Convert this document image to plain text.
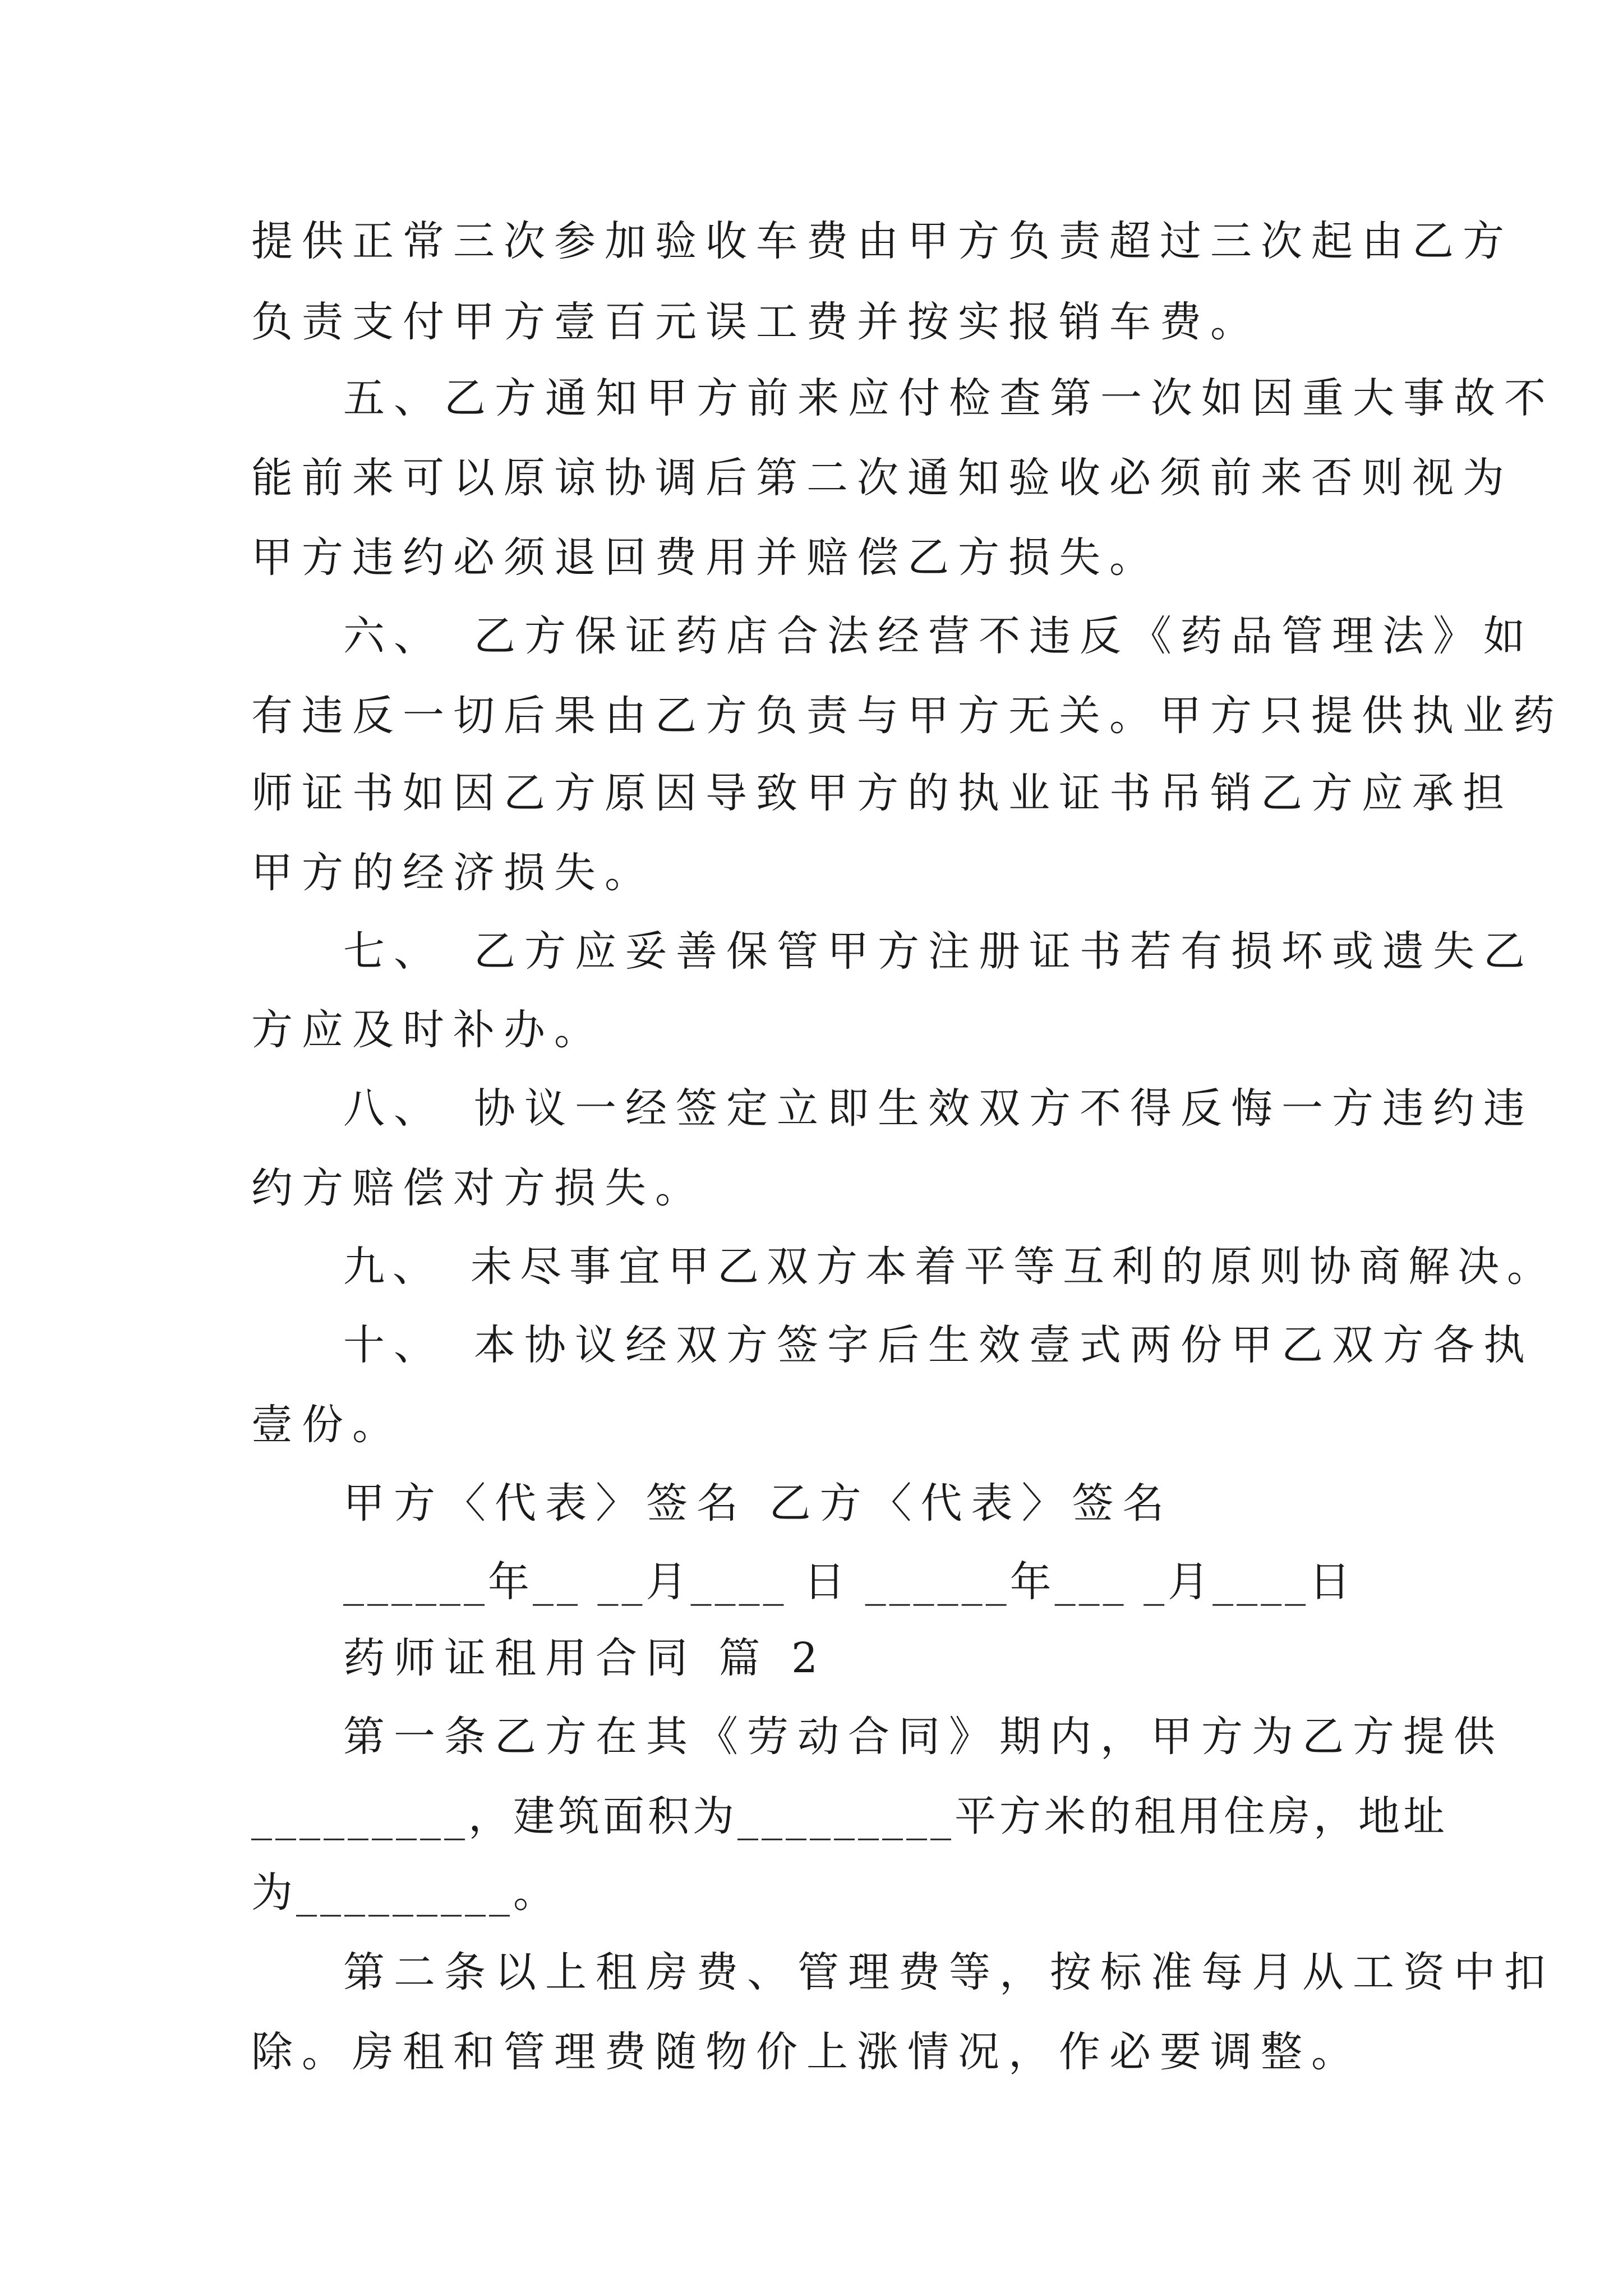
提供正常三次参加验收车费由甲方负责超过三次起由乙方
负责支付甲方壹百元误工费并按实报销车费。
五、乙方通知甲方前来应付检查第一次如因重大事故不
能前来可以原谅协调后第二次通知验收必须前来否则视为
甲方违约必须退回费用并赔偿乙方损失。
六、　乙方保证药店合法经营不违反《药品管理法》如
有违反一切后果由乙方负责与甲方无关。甲方只提供执业药
师证书如因乙方原因导致甲方的执业证书吊销乙方应承担
甲方的经济损失。
七、　乙方应妥善保管甲方注册证书若有损坏或遗失乙
方应及时补办。
八、　协议一经签定立即生效双方不得反悔一方违约违
约方赔偿对方损失。
九、　未尽事宜甲乙双方本着平等互利的原则协商解决。
十、　本协议经双方签字后生效壹式两份甲乙双方各执
壹份。
甲方〈代表〉签名 乙方〈代表〉签名
______年__ __月____ 日 ______年___ _月____日
药师证租用合同 篇 2
第一条乙方在其《劳动合同》期内，甲方为乙方提供
_________，建筑面积为_________平方米的租用住房，地址
为_________。
第二条以上租房费、管理费等，按标准每月从工资中扣
除。房租和管理费随物价上涨情况，作必要调整。
